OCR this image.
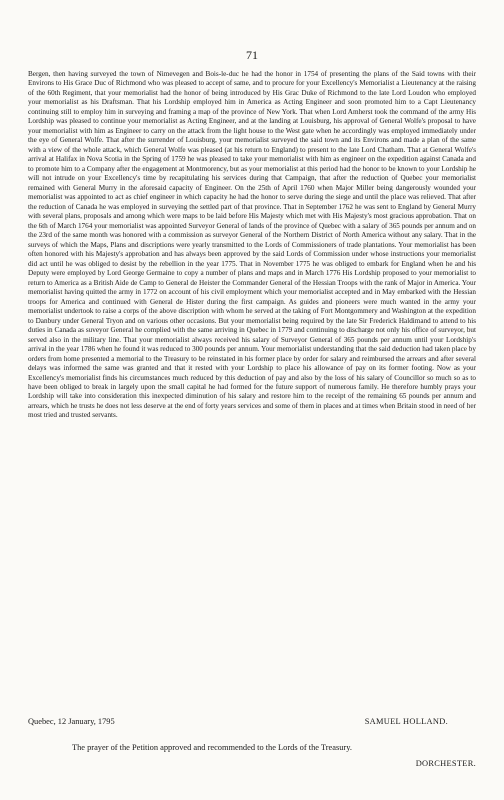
71

Bergen, then having surveyed the town of Nimevegen and Bois-le-duc he had the honor in 1754 of presenting the plans of the Said towns with their Environs to His Grace Duc of Richmond who was pleased to accept of same, and to procure for your Excellency's Memorialist a Lieutenancy at the raising of the 60th Regiment, that your memorialist had the honor of being introduced by His Grac Duke of Richmond to the late Lord Loudon who employed your memorialist as his Draftsman. That his Lordship employed him in America as Acting Engineer and soon promoted him to a Capt Lieutenancy continuing still to employ him in surveying and framing a map of the province of New York. That when Lord Amherst took the command of the army His Lordship was pleased to continue your memorialist as Acting Engineer, and at the landing at Louisburg, his approval of General Wolfe's proposal to have your memorialist with him as Engineer to carry on the attack from the light house to the West gate when he accordingly was employed immediately under the eye of General Wolfe. That after the surrender of Louisburg, your memorialist surveyed the said town and its Environs and made a plan of the same with a view of the whole attack, which General Wolfe was pleased (at his return to England) to present to the late Lord Chatham. That at General Wolfe's arrival at Halifax in Nova Scotia in the Spring of 1759 he was pleased to take your memorialist with him as engineer on the expedition against Canada and to promote him to a Company after the engagement at Montmorency, but as your memorialist at this period had the honor to be known to your Lordship he will not intrude on your Excellency's time by recapitulating his services during that Campaign, that after the reduction of Quebec your memorialist remained with General Murry in the aforesaid capacity of Engineer. On the 25th of April 1760 when Major Miller being dangerously wounded your memorialist was appointed to act as chief engineer in which capacity he had the honor to serve during the siege and until the place was relieved. That after the reduction of Canada he was employed in surveying the settled part of that province. That in September 1762 he was sent to England by General Murry with several plans, proposals and among which were maps to be laid before His Majesty which met with His Majesty's most gracious approbation. That on the 6th of March 1764 your memorialist was appointed Surveyor General of lands of the province of Quebec with a salary of 365 pounds per annum and on the 23rd of the same month was honored with a commission as surveyor General of the Northern District of North America without any salary. That in the surveys of which the Maps, Plans and discriptions were yearly transmitted to the Lords of Commissioners of trade plantations. Your memorialist has been often honored with his Majesty's approbation and has always been approved by the said Lords of Commission under whose instructions your memorialist did act until he was obliged to desist by the rebellion in the year 1775. That in November 1775 he was obliged to embark for England when he and his Deputy were employed by Lord George Germaine to copy a number of plans and maps and in March 1776 His Lordship proposed to your memorialist to return to America as a British Aide de Camp to General de Heister the Commander General of the Hessian Troops with the rank of Major in America. Your memorialist having quitted the army in 1772 on account of his civil employment which your memorialist accepted and in May embarked with the Hessian troops for America and continued with General de Hister during the first campaign. As guides and pioneers were much wanted in the army your memorialist undertook to raise a corps of the above discription with whom he served at the taking of Fort Montgommery and Washington at the expedition to Danbury under General Tryon and on various other occasions. But your memorialist being required by the late Sir Frederick Haldimand to attend to his duties in Canada as suveyor General he complied with the same arriving in Quebec in 1779 and continuing to discharge not only his office of surveyor, but served also in the military line. That your memorialist always received his salary of Surveyor General of 365 pounds per annum until your Lordship's arrival in the year 1786 when he found it was reduced to 300 pounds per annum. Your memorialist understanding that the said deduction had taken place by orders from home presented a memorial to the Treasury to be reinstated in his former place by order for salary and reimbursed the arrears and after several delays was informed the same was granted and that it rested with your Lordship to place his allowance of pay on its former footing. Now as your Excellency's memorialist finds his circumstances much reduced by this deduction of pay and also by the loss of his salary of Councillor so much so as to have been obliged to break in largely upon the small capital he had formed for the future support of numerous family. He therefore humbly prays your Lordship will take into consideration this inexpected diminution of his salary and restore him to the receipt of the remaining 65 pounds per annum and arrears, which he trusts he does not less deserve at the end of forty years services and some of them in places and at times when Britain stood in need of her most tried and trusted servants.

Quebec, 12 January, 1795	SAMUEL HOLLAND.
The prayer of the Petition approved and recommended to the Lords of the Treasury.
DORCHESTER.
